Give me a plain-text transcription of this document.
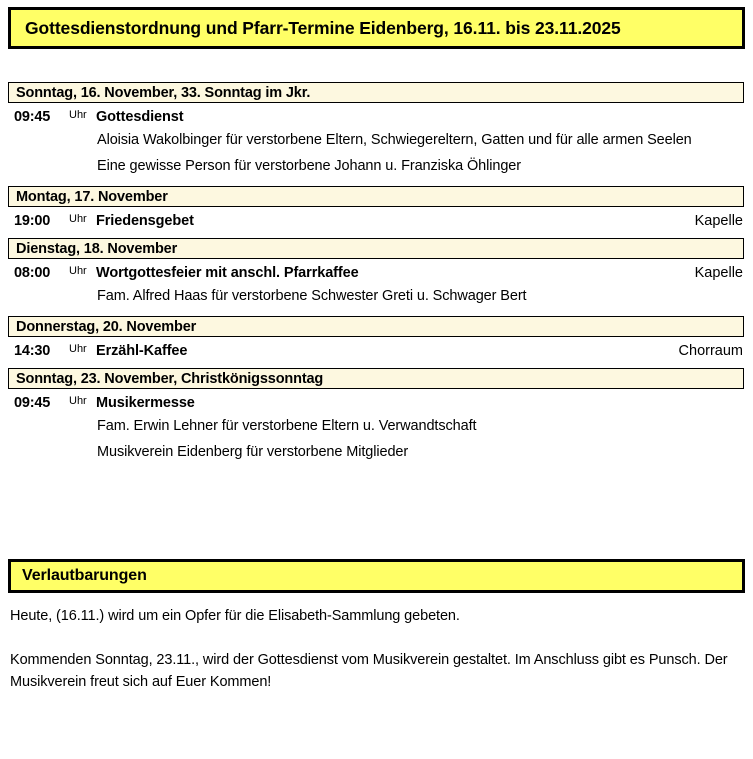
Gottesdienstordnung und Pfarr-Termine Eidenberg, 16.11. bis 23.11.2025
Sonntag, 16. November, 33. Sonntag im Jkr.
09:45	Uhr Gottesdienst
Aloisia Wakolbinger für verstorbene Eltern, Schwiegereltern, Gatten und für alle armen Seelen
Eine gewisse Person für verstorbene Johann u. Franziska Öhlinger
Montag, 17. November
19:00	Uhr Friedensgebet	Kapelle
Dienstag, 18. November
08:00	Uhr Wortgottesfeier mit anschl. Pfarrkaffee	Kapelle
Fam. Alfred Haas für verstorbene Schwester Greti u. Schwager Bert
Donnerstag, 20. November
14:30	Uhr Erzähl-Kaffee	Chorraum
Sonntag, 23. November, Christkönigssonntag
09:45	Uhr Musikermesse
Fam. Erwin Lehner für verstorbene Eltern u. Verwandtschaft
Musikverein Eidenberg für verstorbene Mitglieder
Verlautbarungen

Heute, (16.11.) wird um ein Opfer für die Elisabeth-Sammlung gebeten.

Kommenden Sonntag, 23.11., wird der Gottesdienst vom Musikverein gestaltet. Im Anschluss gibt es Punsch. Der Musikverein freut sich auf Euer Kommen!
